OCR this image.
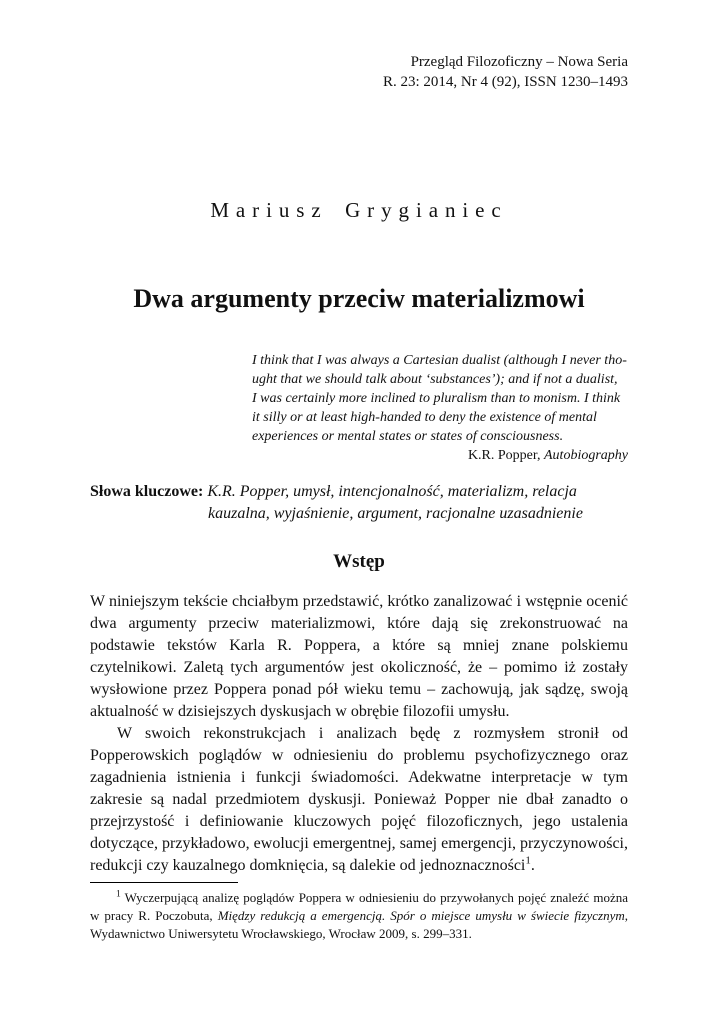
Przegląd Filozoficzny – Nowa Seria
R. 23: 2014, Nr 4 (92), ISSN 1230–1493
Mariusz Grygianiec
Dwa argumenty przeciw materializmowi
I think that I was always a Cartesian dualist (although I never tho-
ught that we should talk about ‘substances’); and if not a dualist,
I was certainly more inclined to pluralism than to monism. I think
it silly or at least high-handed to deny the existence of mental
experiences or mental states or states of consciousness.
K.R. Popper, Autobiography
Słowa kluczowe: K.R. Popper, umysł, intencjonalność, materializm, relacja kauzalna, wyjaśnienie, argument, racjonalne uzasadnienie
Wstęp

W niniejszym tekście chciałbym przedstawić, krótko zanalizować i wstępnie ocenić dwa argumenty przeciw materializmowi, które dają się zrekonstruować na podstawie tekstów Karla R. Poppera, a które są mniej znane polskiemu czytelnikowi. Zaletą tych argumentów jest okoliczność, że – pomimo iż zostały wysłowione przez Poppera ponad pół wieku temu – zachowują, jak sądzę, swoją aktualność w dzisiejszych dyskusjach w obrębie filozofii umysłu.

W swoich rekonstrukcjach i analizach będę z rozmysłem stronił od Popperowskich poglądów w odniesieniu do problemu psychofizycznego oraz zagadnienia istnienia i funkcji świadomości. Adekwatne interpretacje w tym zakresie są nadal przedmiotem dyskusji. Ponieważ Popper nie dbał zanadto o przejrzystość i definiowanie kluczowych pojęć filozoficznych, jego ustalenia dotyczące, przykładowo, ewolucji emergentnej, samej emergencji, przyczynowości, redukcji czy kauzalnego domknięcia, są dalekie od jednoznaczności$^1$.

$^1$ Wyczerpującą analizę poglądów Poppera w odniesieniu do przywołanych pojęć znaleźć można w pracy R. Poczobuta, Między redukcją a emergencją. Spór o miejsce umysłu w świecie fizycznym, Wydawnictwo Uniwersytetu Wrocławskiego, Wrocław 2009, s. 299–331.
